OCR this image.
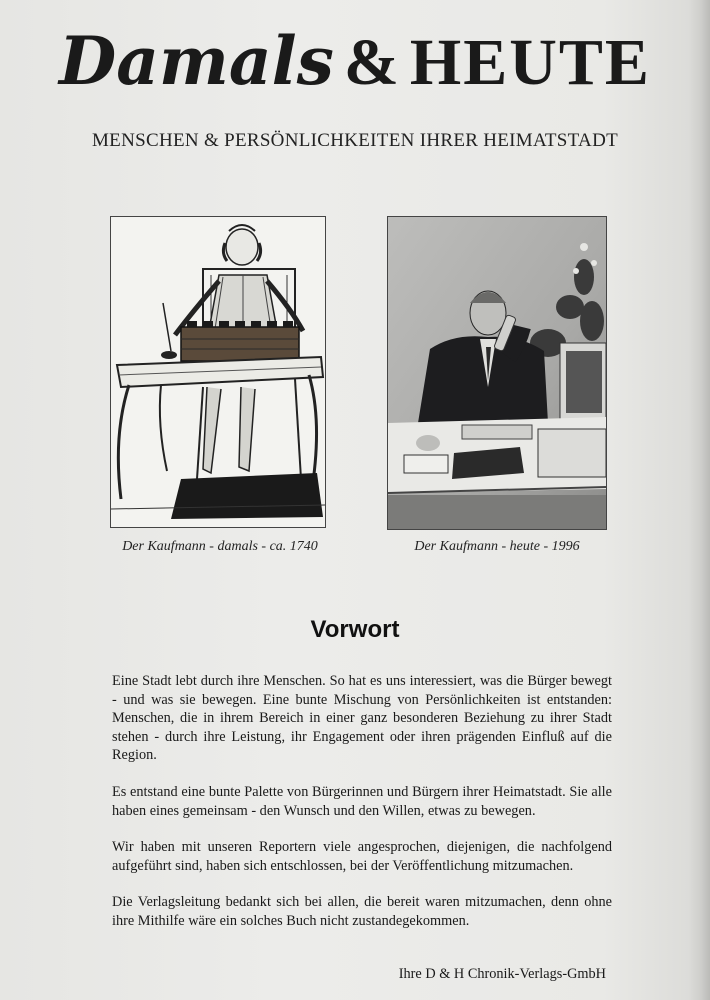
Damals & HEUTE
MENSCHEN & PERSÖNLICHKEITEN IHRER HEIMATSTADT
Der Kaufmann - damals - ca. 1740	Der Kaufmann - heute - 1996
Vorwort

Eine Stadt lebt durch ihre Menschen. So hat es uns interessiert, was die Bürger bewegt - und was sie bewegen. Eine bunte Mischung von Persönlichkeiten ist entstanden: Menschen, die in ihrem Bereich in einer ganz besonderen Beziehung zu ihrer Stadt stehen - durch ihre Leistung, ihr Engagement oder ihren prägenden Einfluß auf die Region.

Es entstand eine bunte Palette von Bürgerinnen und Bürgern ihrer Heimatstadt. Sie alle haben eines gemeinsam - den Wunsch und den Willen, etwas zu bewegen.

Wir haben mit unseren Reportern viele angesprochen, diejenigen, die nachfolgend aufgeführt sind, haben sich entschlossen, bei der Veröffentlichung mitzumachen.

Die Verlagsleitung bedankt sich bei allen, die bereit waren mitzumachen, denn ohne ihre Mithilfe wäre ein solches Buch nicht zustandegekommen.

Ihre D & H Chronik-Verlags-GmbH
